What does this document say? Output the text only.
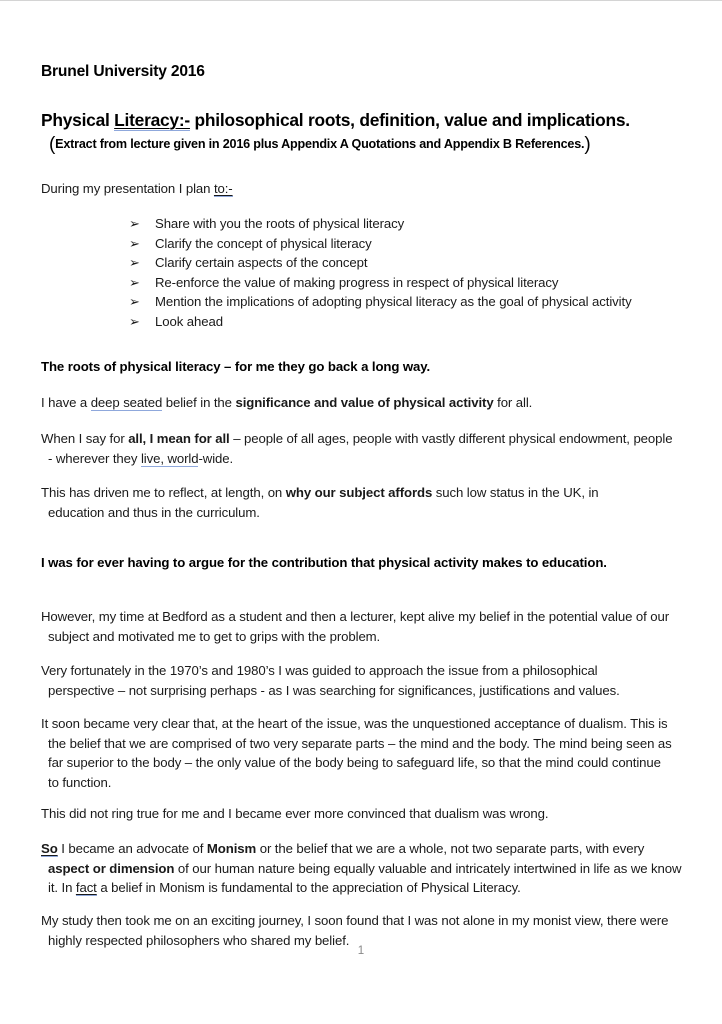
Brunel University 2016
Physical Literacy:- philosophical roots, definition, value and implications.
(Extract from lecture given in 2016 plus Appendix A Quotations and Appendix B References.)
During my presentation I plan to:-
➢	Share with you the roots of physical literacy
➢	Clarify the concept of physical literacy
➢	Clarify certain aspects of the concept
➢	Re-enforce the value of making progress in respect of physical literacy
➢	Mention the implications of adopting physical literacy as the goal of physical activity
➢	Look ahead
The roots of physical literacy – for me they go back a long way.
I have a deep seated belief in the significance and value of physical activity for all.
When I say for all, I mean for all – people of all ages, people with vastly different physical endowment, people - wherever they live, world-wide.
This has driven me to reflect, at length, on why our subject affords such low status in the UK, in education and thus in the curriculum.
I was for ever having to argue for the contribution that physical activity makes to education.
However, my time at Bedford as a student and then a lecturer, kept alive my belief in the potential value of our subject and motivated me to get to grips with the problem.
Very fortunately in the 1970’s and 1980’s I was guided to approach the issue from a philosophical perspective – not surprising perhaps - as I was searching for significances, justifications and values.
It soon became very clear that, at the heart of the issue, was the unquestioned acceptance of dualism. This is the belief that we are comprised of two very separate parts – the mind and the body. The mind being seen as far superior to the body – the only value of the body being to safeguard life, so that the mind could continue to function.
This did not ring true for me and I became ever more convinced that dualism was wrong.
So I became an advocate of Monism or the belief that we are a whole, not two separate parts, with every aspect or dimension of our human nature being equally valuable and intricately intertwined in life as we know it. In fact a belief in Monism is fundamental to the appreciation of Physical Literacy.
My study then took me on an exciting journey, I soon found that I was not alone in my monist view, there were highly respected philosophers who shared my belief.
1
